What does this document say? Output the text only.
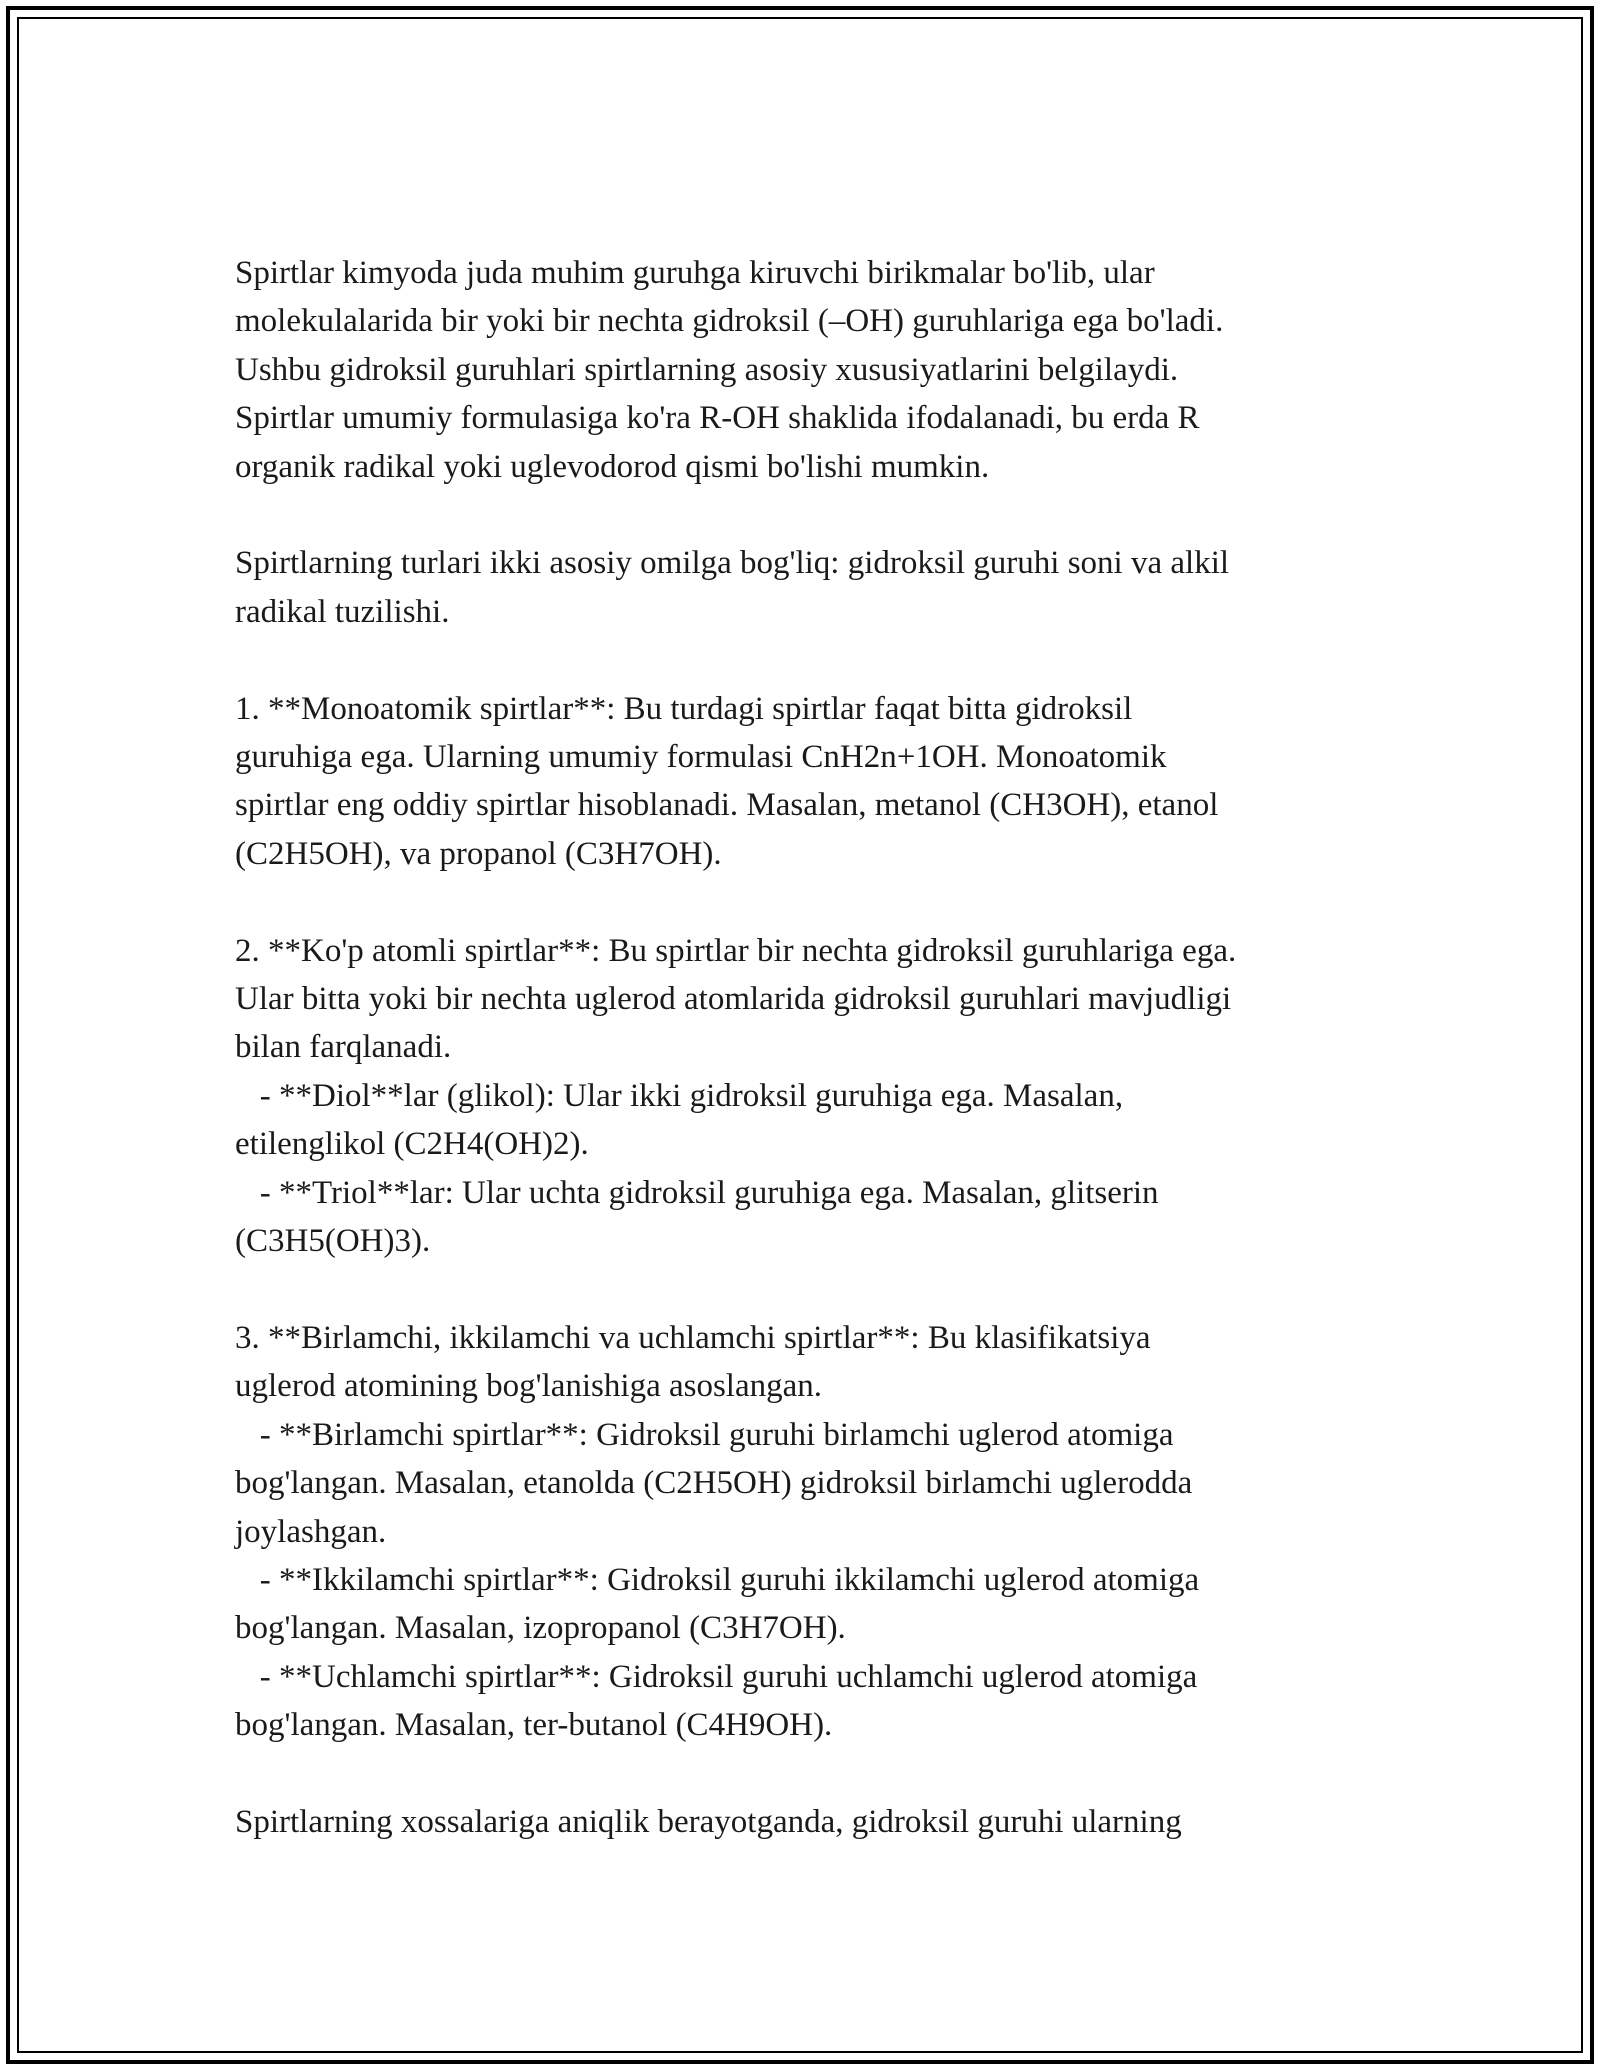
Spirtlar kimyoda juda muhim guruhga kiruvchi birikmalar bo'lib, ular
molekulalarida bir yoki bir nechta gidroksil (–OH) guruhlariga ega bo'ladi.
Ushbu gidroksil guruhlari spirtlarning asosiy xususiyatlarini belgilaydi.
Spirtlar umumiy formulasiga ko'ra R-OH shaklida ifodalanadi, bu erda R
organik radikal yoki uglevodorod qismi bo'lishi mumkin.

Spirtlarning turlari ikki asosiy omilga bog'liq: gidroksil guruhi soni va alkil
radikal tuzilishi.

1. **Monoatomik spirtlar**: Bu turdagi spirtlar faqat bitta gidroksil
guruhiga ega. Ularning umumiy formulasi CnH2n+1OH. Monoatomik
spirtlar eng oddiy spirtlar hisoblanadi. Masalan, metanol (CH3OH), etanol
(C2H5OH), va propanol (C3H7OH).

2. **Ko'p atomli spirtlar**: Bu spirtlar bir nechta gidroksil guruhlariga ega.
Ular bitta yoki bir nechta uglerod atomlarida gidroksil guruhlari mavjudligi
bilan farqlanadi.
- **Diol**lar (glikol): Ular ikki gidroksil guruhiga ega. Masalan,
etilenglikol (C2H4(OH)2).
- **Triol**lar: Ular uchta gidroksil guruhiga ega. Masalan, glitserin
(C3H5(OH)3).

3. **Birlamchi, ikkilamchi va uchlamchi spirtlar**: Bu klasifikatsiya
uglerod atomining bog'lanishiga asoslangan.
- **Birlamchi spirtlar**: Gidroksil guruhi birlamchi uglerod atomiga
bog'langan. Masalan, etanolda (C2H5OH) gidroksil birlamchi uglerodda
joylashgan.
- **Ikkilamchi spirtlar**: Gidroksil guruhi ikkilamchi uglerod atomiga
bog'langan. Masalan, izopropanol (C3H7OH).
- **Uchlamchi spirtlar**: Gidroksil guruhi uchlamchi uglerod atomiga
bog'langan. Masalan, ter-butanol (C4H9OH).

Spirtlarning xossalariga aniqlik berayotganda, gidroksil guruhi ularning
